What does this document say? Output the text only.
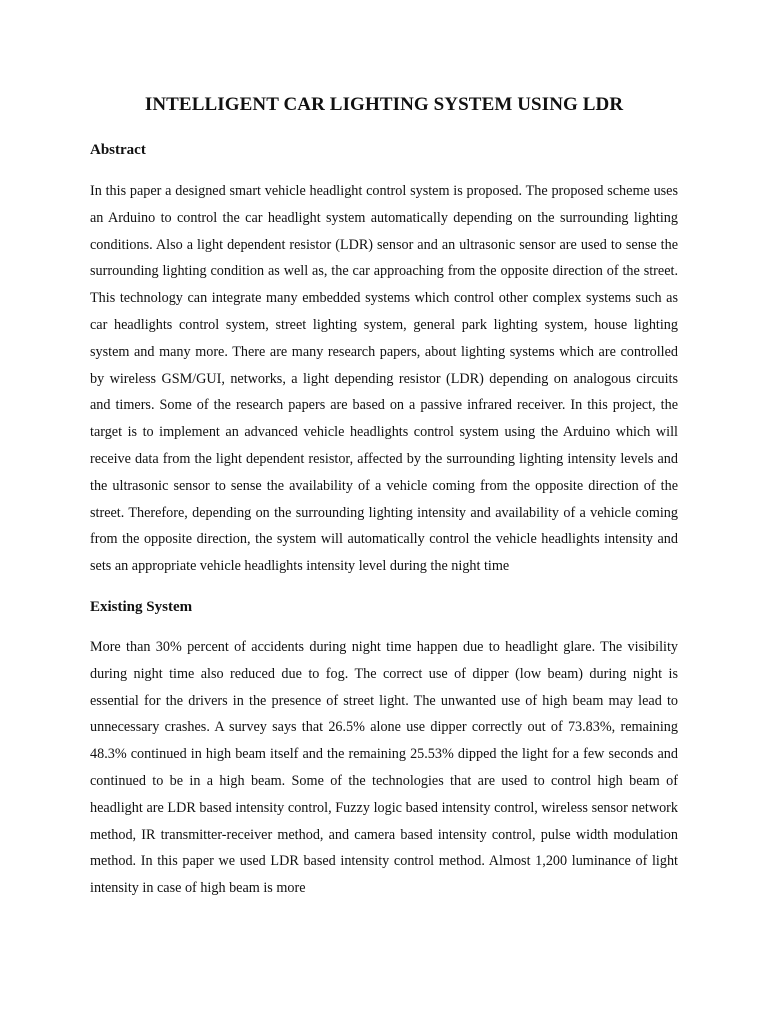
INTELLIGENT CAR LIGHTING SYSTEM USING LDR
Abstract

In this paper a designed smart vehicle headlight control system is proposed. The proposed scheme uses an Arduino to control the car headlight system automatically depending on the surrounding lighting conditions. Also a light dependent resistor (LDR) sensor and an ultrasonic sensor are used to sense the surrounding lighting condition as well as, the car approaching from the opposite direction of the street. This technology can integrate many embedded systems which control other complex systems such as car headlights control system, street lighting system, general park lighting system, house lighting system and many more. There are many research papers, about lighting systems which are controlled by wireless GSM/GUI, networks, a light depending resistor (LDR) depending on analogous circuits and timers. Some of the research papers are based on a passive infrared receiver. In this project, the target is to implement an advanced vehicle headlights control system using the Arduino which will receive data from the light dependent resistor, affected by the surrounding lighting intensity levels and the ultrasonic sensor to sense the availability of a vehicle coming from the opposite direction of the street. Therefore, depending on the surrounding lighting intensity and availability of a vehicle coming from the opposite direction, the system will automatically control the vehicle headlights intensity and sets an appropriate vehicle headlights intensity level during the night time

Existing System

More than 30% percent of accidents during night time happen due to headlight glare. The visibility during night time also reduced due to fog. The correct use of dipper (low beam) during night is essential for the drivers in the presence of street light. The unwanted use of high beam may lead to unnecessary crashes. A survey says that 26.5% alone use dipper correctly out of 73.83%, remaining 48.3% continued in high beam itself and the remaining 25.53% dipped the light for a few seconds and continued to be in a high beam. Some of the technologies that are used to control high beam of headlight are LDR based intensity control, Fuzzy logic based intensity control, wireless sensor network method, IR transmitter-receiver method, and camera based intensity control, pulse width modulation method. In this paper we used LDR based intensity control method. Almost 1,200 luminance of light intensity in case of high beam is more
